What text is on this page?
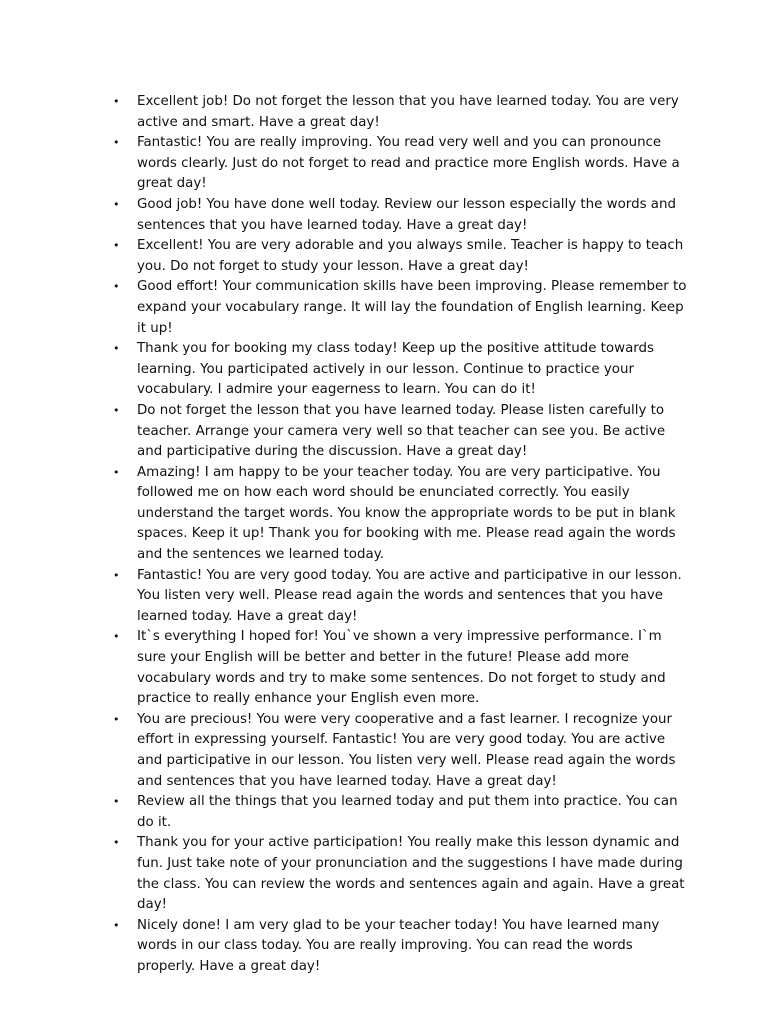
•	Excellent job! Do not forget the lesson that you have learned today. You are very active and smart. Have a great day!
•	Fantastic! You are really improving. You read very well and you can pronounce words clearly. Just do not forget to read and practice more English words. Have a great day!
•	Good job! You have done well today. Review our lesson especially the words and sentences that you have learned today. Have a great day!
•	Excellent! You are very adorable and you always smile. Teacher is happy to teach you. Do not forget to study your lesson. Have a great day!
•	Good effort! Your communication skills have been improving. Please remember to expand your vocabulary range. It will lay the foundation of English learning. Keep it up!
•	Thank you for booking my class today! Keep up the positive attitude towards learning. You participated actively in our lesson. Continue to practice your vocabulary. I admire your eagerness to learn. You can do it!
•	Do not forget the lesson that you have learned today. Please listen carefully to teacher. Arrange your camera very well so that teacher can see you. Be active and participative during the discussion. Have a great day!
•	Amazing! I am happy to be your teacher today. You are very participative. You followed me on how each word should be enunciated correctly. You easily understand the target words. You know the appropriate words to be put in blank spaces. Keep it up! Thank you for booking with me. Please read again the words and the sentences we learned today.
•	Fantastic! You are very good today. You are active and participative in our lesson. You listen very well. Please read again the words and sentences that you have learned today. Have a great day!
•	It`s everything I hoped for! You`ve shown a very impressive performance. I`m sure your English will be better and better in the future! Please add more vocabulary words and try to make some sentences. Do not forget to study and practice to really enhance your English even more.
•	You are precious! You were very cooperative and a fast learner. I recognize your effort in expressing yourself. Fantastic! You are very good today. You are active and participative in our lesson. You listen very well. Please read again the words and sentences that you have learned today. Have a great day!
•	Review all the things that you learned today and put them into practice. You can do it.
•	Thank you for your active participation! You really make this lesson dynamic and fun. Just take note of your pronunciation and the suggestions I have made during the class. You can review the words and sentences again and again. Have a great day!
•	Nicely done! I am very glad to be your teacher today! You have learned many words in our class today. You are really improving. You can read the words properly. Have a great day!
